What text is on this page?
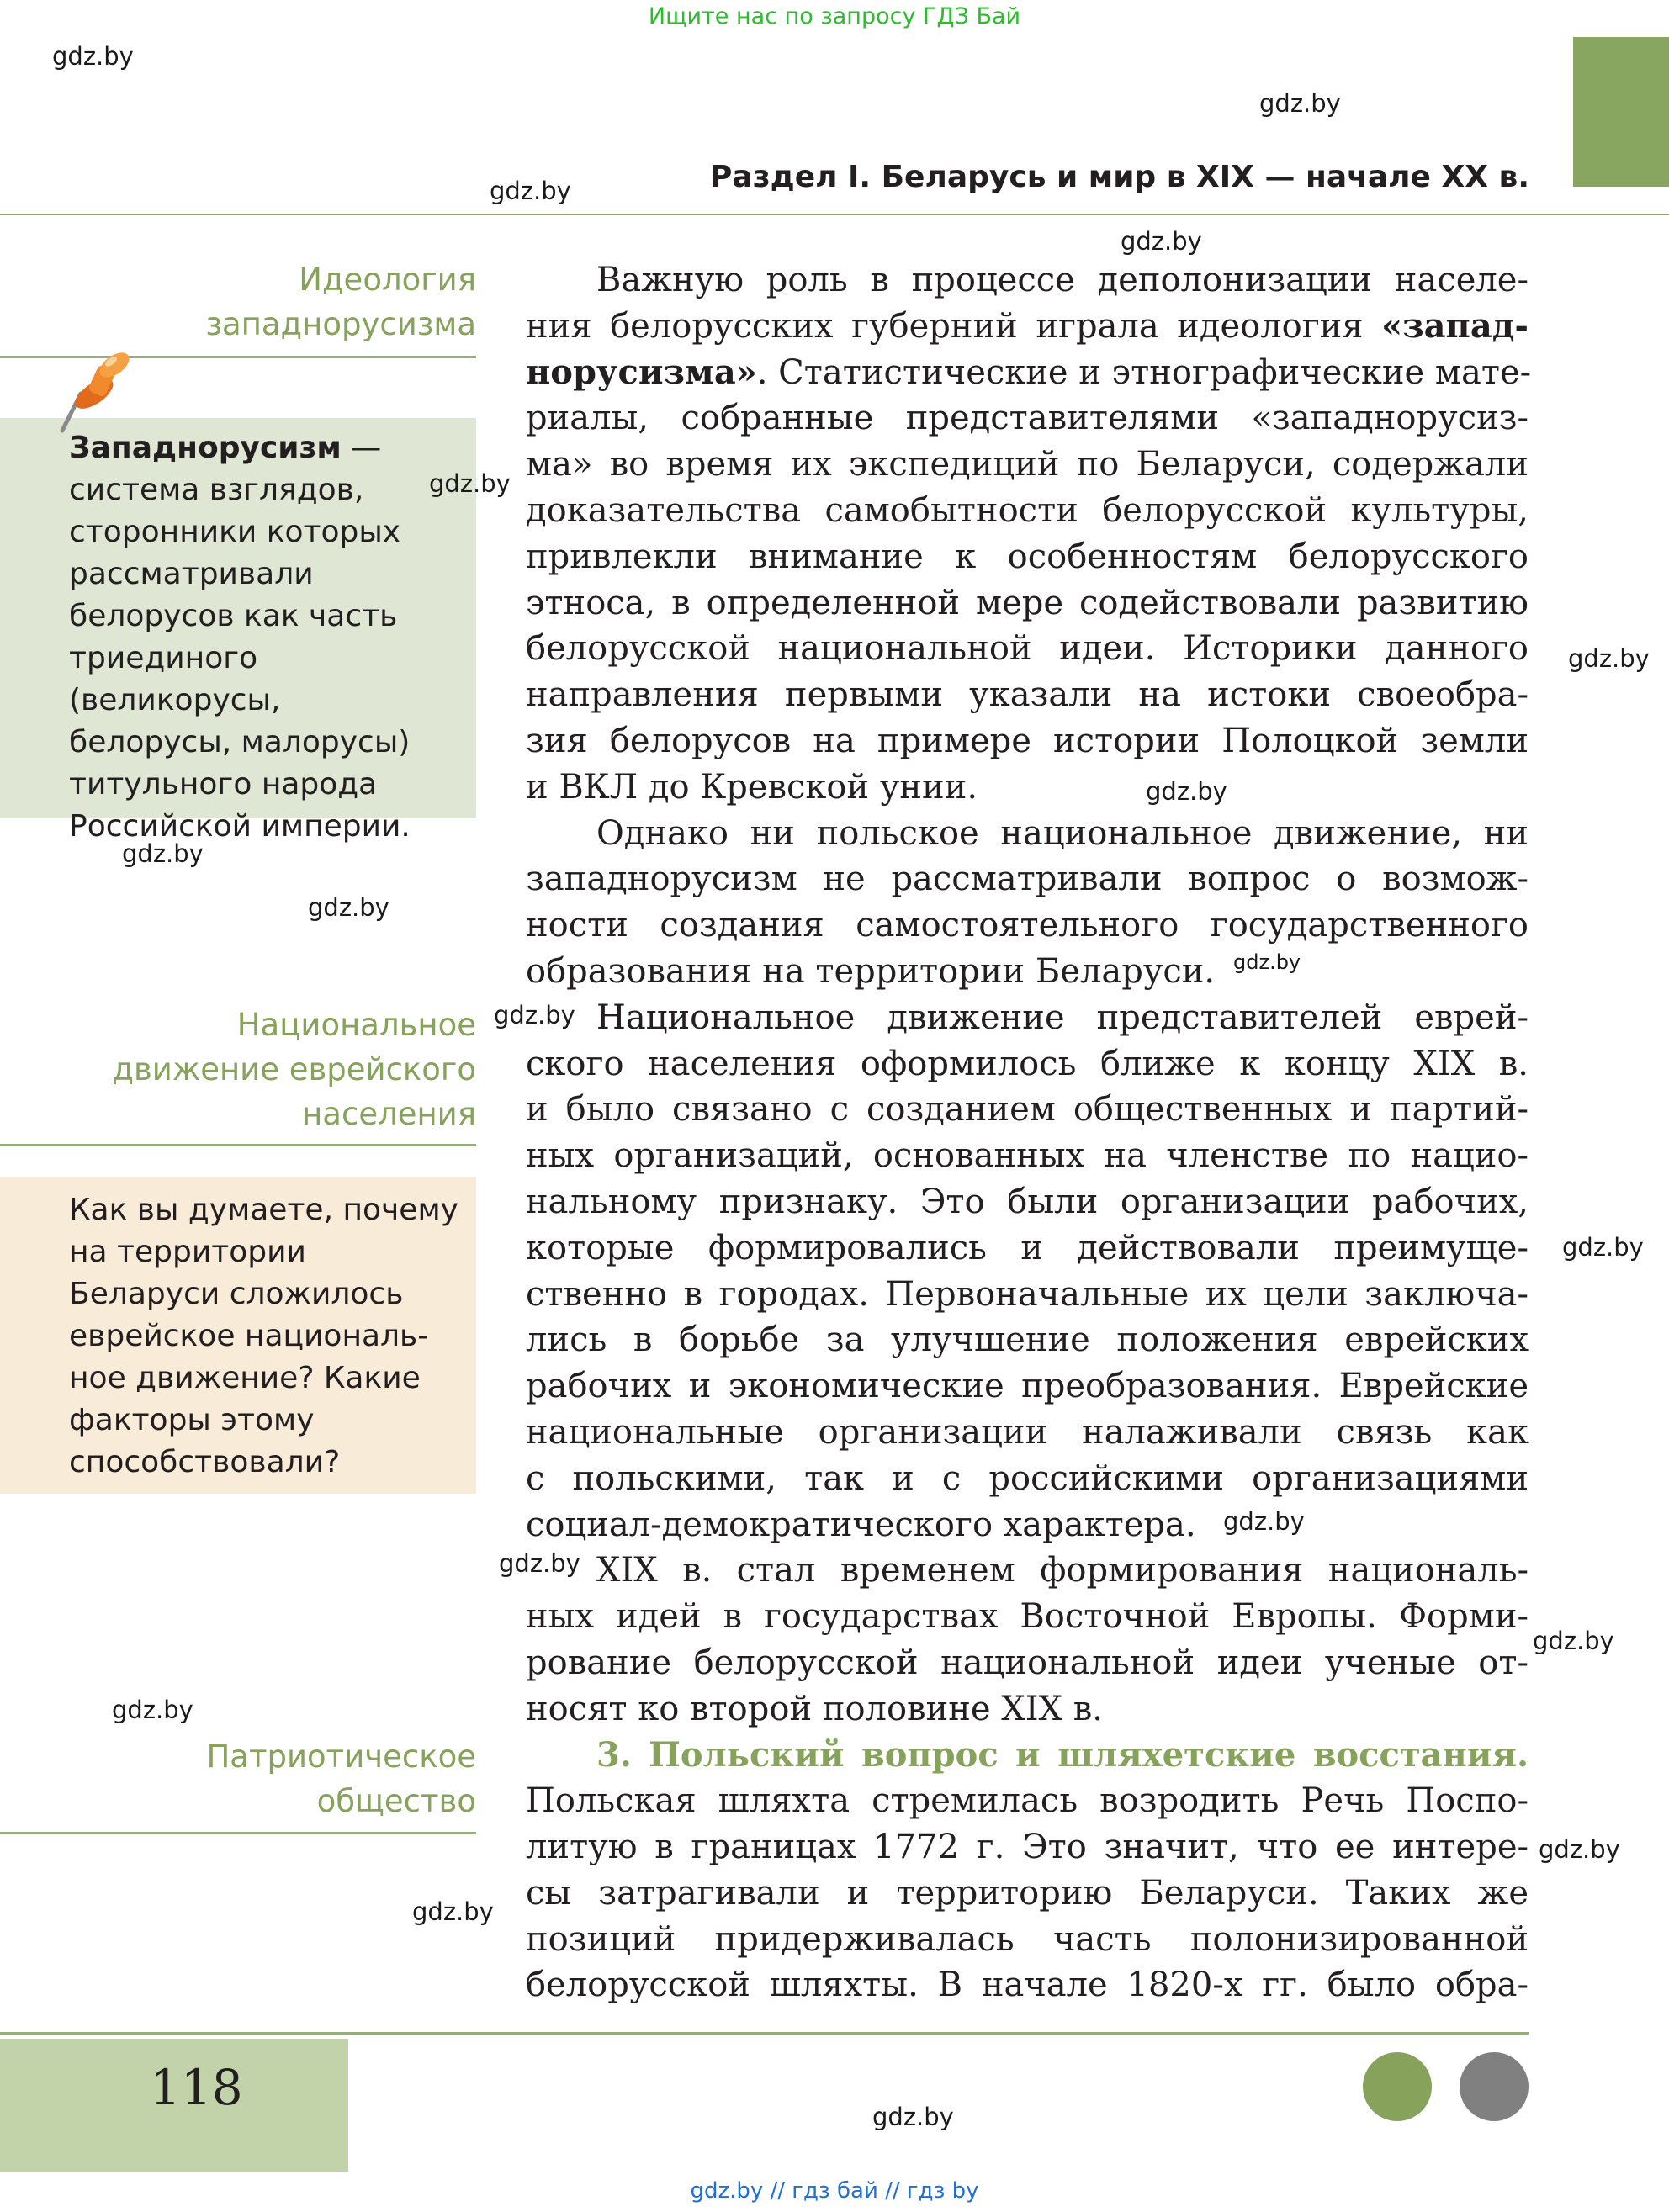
Ищите нас по запросу ГДЗ Бай
Раздел I. Беларусь и мир в XIX — начале XX в.
Идеология
западнорусизма
Западнорусизм —
система взглядов,
сторонники которых
рассматривали
белорусов как часть
триединого (великорусы,
белорусы, малорусы)
титульного народа
Российской империи.
Национальное
движение еврейского
населения
Как вы думаете, почему
на территории
Беларуси сложилось
еврейское националь-
ное движение? Какие
факторы этому
способствовали?
Патриотическое
общество
Важную роль в процессе деполонизации населе-
ния белорусских губерний играла идеология «запад-
норусизма». Статистические и этнографические мате-
риалы, собранные представителями «западнорусиз-
ма» во время их экспедиций по Беларуси, содержали
доказательства самобытности белорусской культуры,
привлекли внимание к особенностям белорусского
этноса, в определенной мере содействовали развитию
белорусской национальной идеи. Историки данного
направления первыми указали на истоки своеобра-
зия белорусов на примере истории Полоцкой земли
и ВКЛ до Кревской унии.
Однако ни польское национальное движение, ни
западнорусизм не рассматривали вопрос о возмож-
ности создания самостоятельного государственного
образования на территории Беларуси.
Национальное движение представителей еврей-
ского населения оформилось ближе к концу XIX в.
и было связано с созданием общественных и партий-
ных организаций, основанных на членстве по нацио-
нальному признаку. Это были организации рабочих,
которые формировались и действовали преимуще-
ственно в городах. Первоначальные их цели заключа-
лись в борьбе за улучшение положения еврейских
рабочих и экономические преобразования. Еврейские
национальные организации налаживали связь как
с польскими, так и с российскими организациями
социал-демократического характера.
XIX в. стал временем формирования националь-
ных идей в государствах Восточной Европы. Форми-
рование белорусской национальной идеи ученые от-
носят ко второй половине XIX в.
3. Польский вопрос и шляхетские восстания.
Польская шляхта стремилась возродить Речь Поспо-
литую в границах 1772 г. Это значит, что ее интере-
сы затрагивали и территорию Беларуси. Таких же
позиций придерживалась часть полонизированной
белорусской шляхты. В начале 1820-х гг. было обра-
gdz.by
gdz.by
gdz.by
gdz.by
gdz.by
gdz.by
gdz.by
gdz.by
gdz.by
gdz.by
gdz.by
gdz.by
gdz.by
gdz.by
gdz.by
gdz.by
gdz.by
gdz.by
gdz.by
118
gdz.by // гдз бай // гдз by
